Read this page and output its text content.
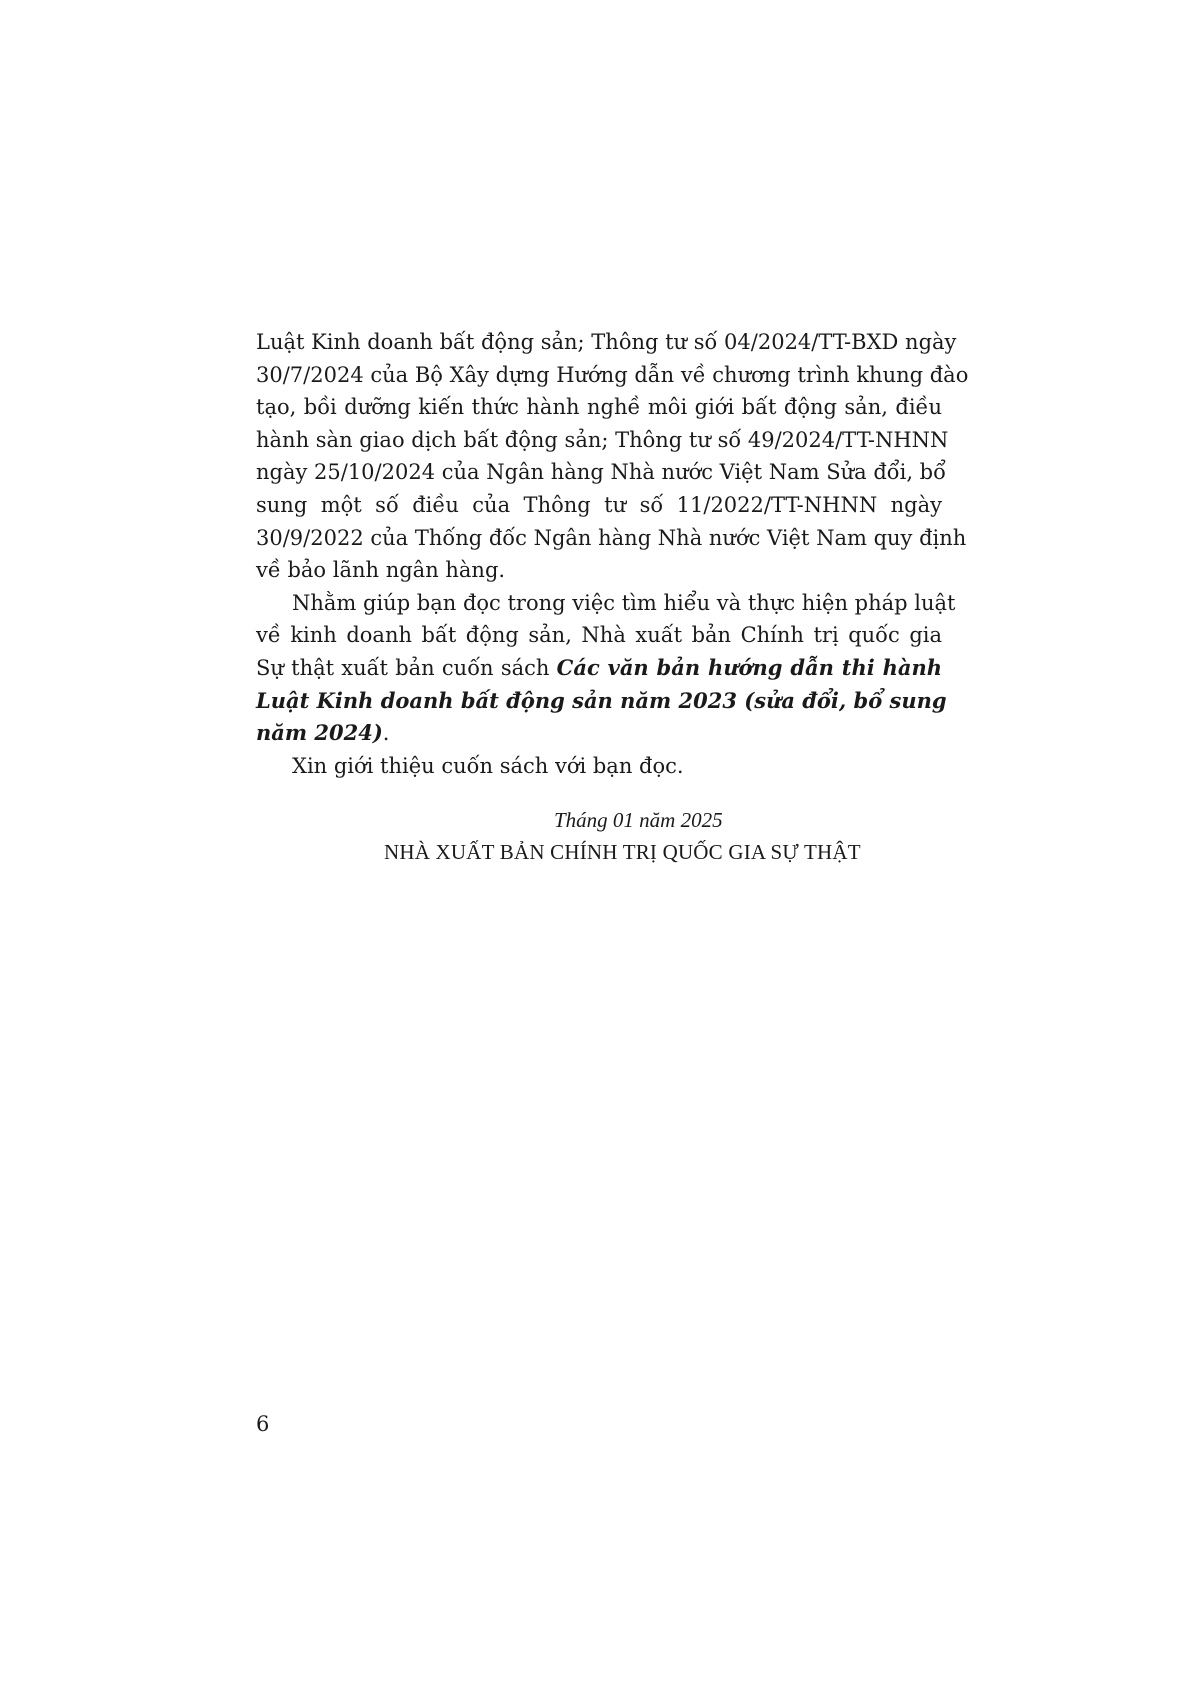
Luật Kinh doanh bất động sản; Thông tư số 04/2024/TT-BXD ngày
30/7/2024 của Bộ Xây dựng Hướng dẫn về chương trình khung đào
tạo, bồi dưỡng kiến thức hành nghề môi giới bất động sản, điều
hành sàn giao dịch bất động sản; Thông tư số 49/2024/TT-NHNN
ngày 25/10/2024 của Ngân hàng Nhà nước Việt Nam Sửa đổi, bổ
sung một số điều của Thông tư số 11/2022/TT-NHNN ngày
30/9/2022 của Thống đốc Ngân hàng Nhà nước Việt Nam quy định
về bảo lãnh ngân hàng.

Nhằm giúp bạn đọc trong việc tìm hiểu và thực hiện pháp luật
về kinh doanh bất động sản, Nhà xuất bản Chính trị quốc gia
Sự thật xuất bản cuốn sách Các văn bản hướng dẫn thi hành
Luật Kinh doanh bất động sản năm 2023 (sửa đổi, bổ sung
năm 2024).

Xin giới thiệu cuốn sách với bạn đọc.

Tháng 01 năm 2025
NHÀ XUẤT BẢN CHÍNH TRỊ QUỐC GIA SỰ THẬT
6
